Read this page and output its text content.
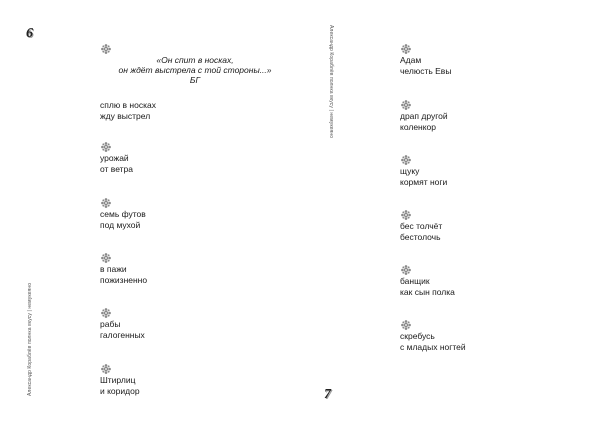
6
Александр Кораблёв полнка вкусу | немукеяно
«Он спит в носках,
он ждёт выстрела с той стороны...»
БГ
сплю в носках
жду выстрел
урожай
от ветра
семь футов
под мухой
в пажи
пожизненно
рабы
галогенных
Штирлиц
и коридор	7
Александр Кораблёв полнка вкусу | немукеяно	Адам
челюсть Евы
драп другой
коленкор
щуку
кормят ноги
бес толчёт
бестолочь
банщик
как сын полка
скребусь
с младых ногтей
